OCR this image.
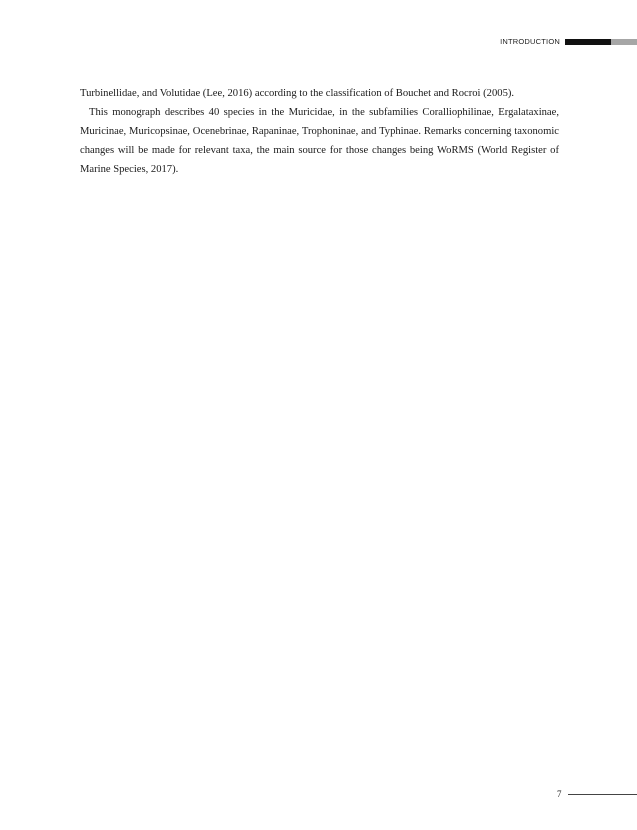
INTRODUCTION

Turbinellidae, and Volutidae (Lee, 2016) according to the classification of Bouchet and Rocroi (2005).

This monograph describes 40 species in the Muricidae, in the subfamilies Coralliophilinae, Ergalataxinae, Muricinae, Muricopsinae, Ocenebrinae, Rapaninae, Trophoninae, and Typhinae. Remarks concerning taxonomic changes will be made for relevant taxa, the main source for those changes being WoRMS (World Register of Marine Species, 2017).

7
